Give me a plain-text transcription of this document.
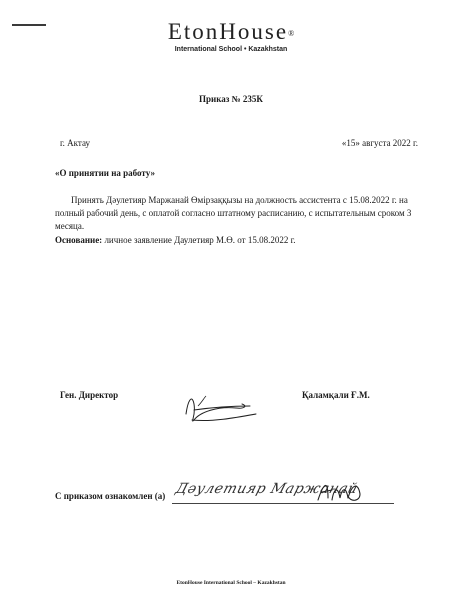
EtonHouse®
International School • Kazakhstan
Приказ № 235К
г. Актау	«15» августа 2022 г.
«О принятии на работу»
Принять Дәулетияр Маржанай Өмірзаққызы на должность ассистента с 15.08.2022 г. на полный рабочий день, с оплатой согласно штатному расписанию, с испытательным сроком 3 месяца.
Основание: личное заявление Даулетияр М.Ө. от 15.08.2022 г.
Ген. Директор	Қаламқали Ғ.М.
С приказом ознакомлен (а) Дәулетияр Маржанай
EtonHouse International School – Kazakhstan
